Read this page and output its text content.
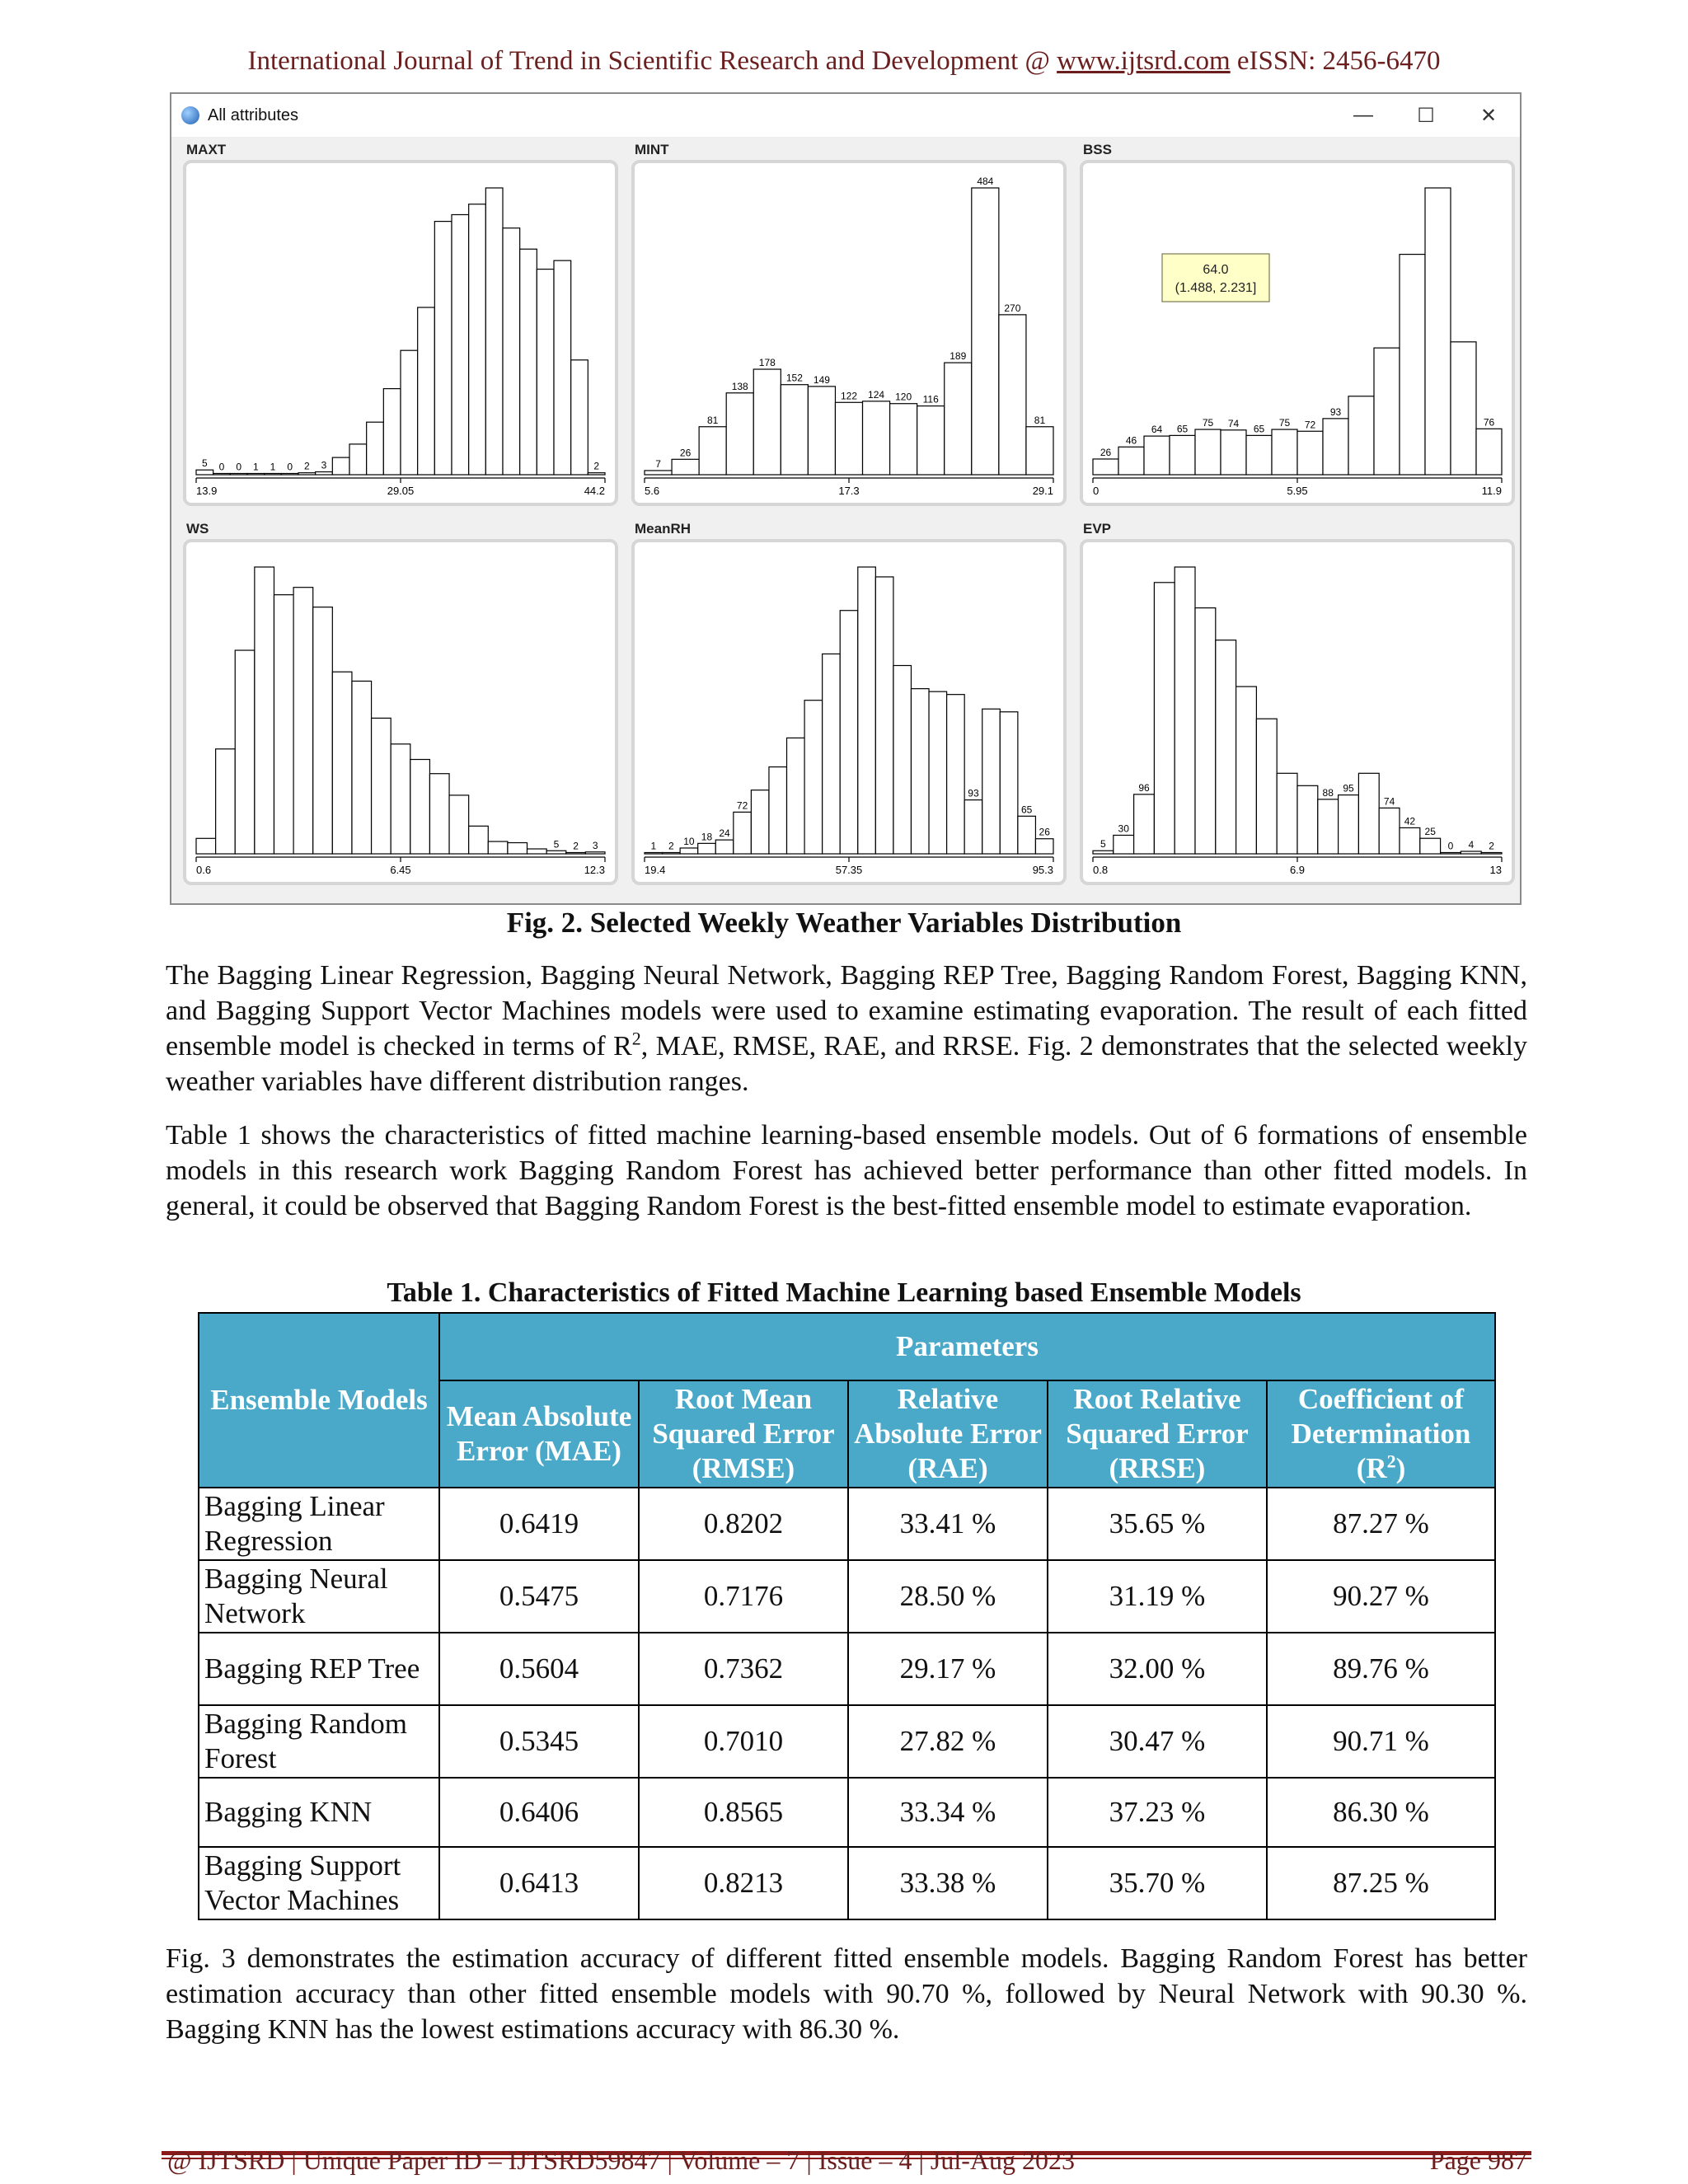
International Journal of Trend in Scientific Research and Development @ www.ijtsrd.com eISSN: 2456-6470
All attributes	—	☐	✕
MAXT
5 0 0 1 1 0 2 3	2
13.9	29.05	44.2
MINT
7
26
81
138
178
152 149
122 124 120 116
189
484
270
81
5.6	17.3	29.1
BSS
26
46
64 65
75 74 65
75 72
93
76
0	5.95	11.9
64.0
(1.488, 2.231]
WS
5 2 3
0.6	6.45	12.3
MeanRH
1 2 10 18 24
72
93
65
26
19.4	57.35	95.3
EVP
5
30
96	88 95
74
42
25
0 4 2
0.8	6.9	13
Fig. 2. Selected Weekly Weather Variables Distribution

The Bagging Linear Regression, Bagging Neural Network, Bagging REP Tree, Bagging Random Forest, Bagging KNN, and Bagging Support Vector Machines models were used to examine estimating evaporation. The result of each fitted ensemble model is checked in terms of $R^2$, MAE, RMSE, RAE, and RRSE. Fig. 2 demonstrates that the selected weekly weather variables have different distribution ranges.

Table 1 shows the characteristics of fitted machine learning-based ensemble models. Out of 6 formations of ensemble models in this research work Bagging Random Forest has achieved better performance than other fitted models. In general, it could be observed that Bagging Random Forest is the best-fitted ensemble model to estimate evaporation.

Table 1. Characteristics of Fitted Machine Learning based Ensemble Models
Ensemble Models	Parameters				
	Mean Absolute Error (MAE)	Root Mean Squared Error (RMSE)	Relative Absolute Error (RAE)	Root Relative Squared Error (RRSE)	Coefficient of Determination $(R^2)$
Bagging Linear Regression	0.6419	0.8202	33.41 %	35.65 %	87.27 %
Bagging Neural Network	0.5475	0.7176	28.50 %	31.19 %	90.27 %
Bagging REP Tree	0.5604	0.7362	29.17 %	32.00 %	89.76 %
Bagging Random Forest	0.5345	0.7010	27.82 %	30.47 %	90.71 %
Bagging KNN	0.6406	0.8565	33.34 %	37.23 %	86.30 %
Bagging Support Vector Machines	0.6413	0.8213	33.38 %	35.70 %	87.25 %

Fig. 3 demonstrates the estimation accuracy of different fitted ensemble models. Bagging Random Forest has better estimation accuracy than other fitted ensemble models with 90.70 %, followed by Neural Network with 90.30 %. Bagging KNN has the lowest estimations accuracy with 86.30 %.

@ IJTSRD | Unique Paper ID – IJTSRD59847 | Volume – 7 | Issue – 4 | Jul-Aug 2023	Page 987
